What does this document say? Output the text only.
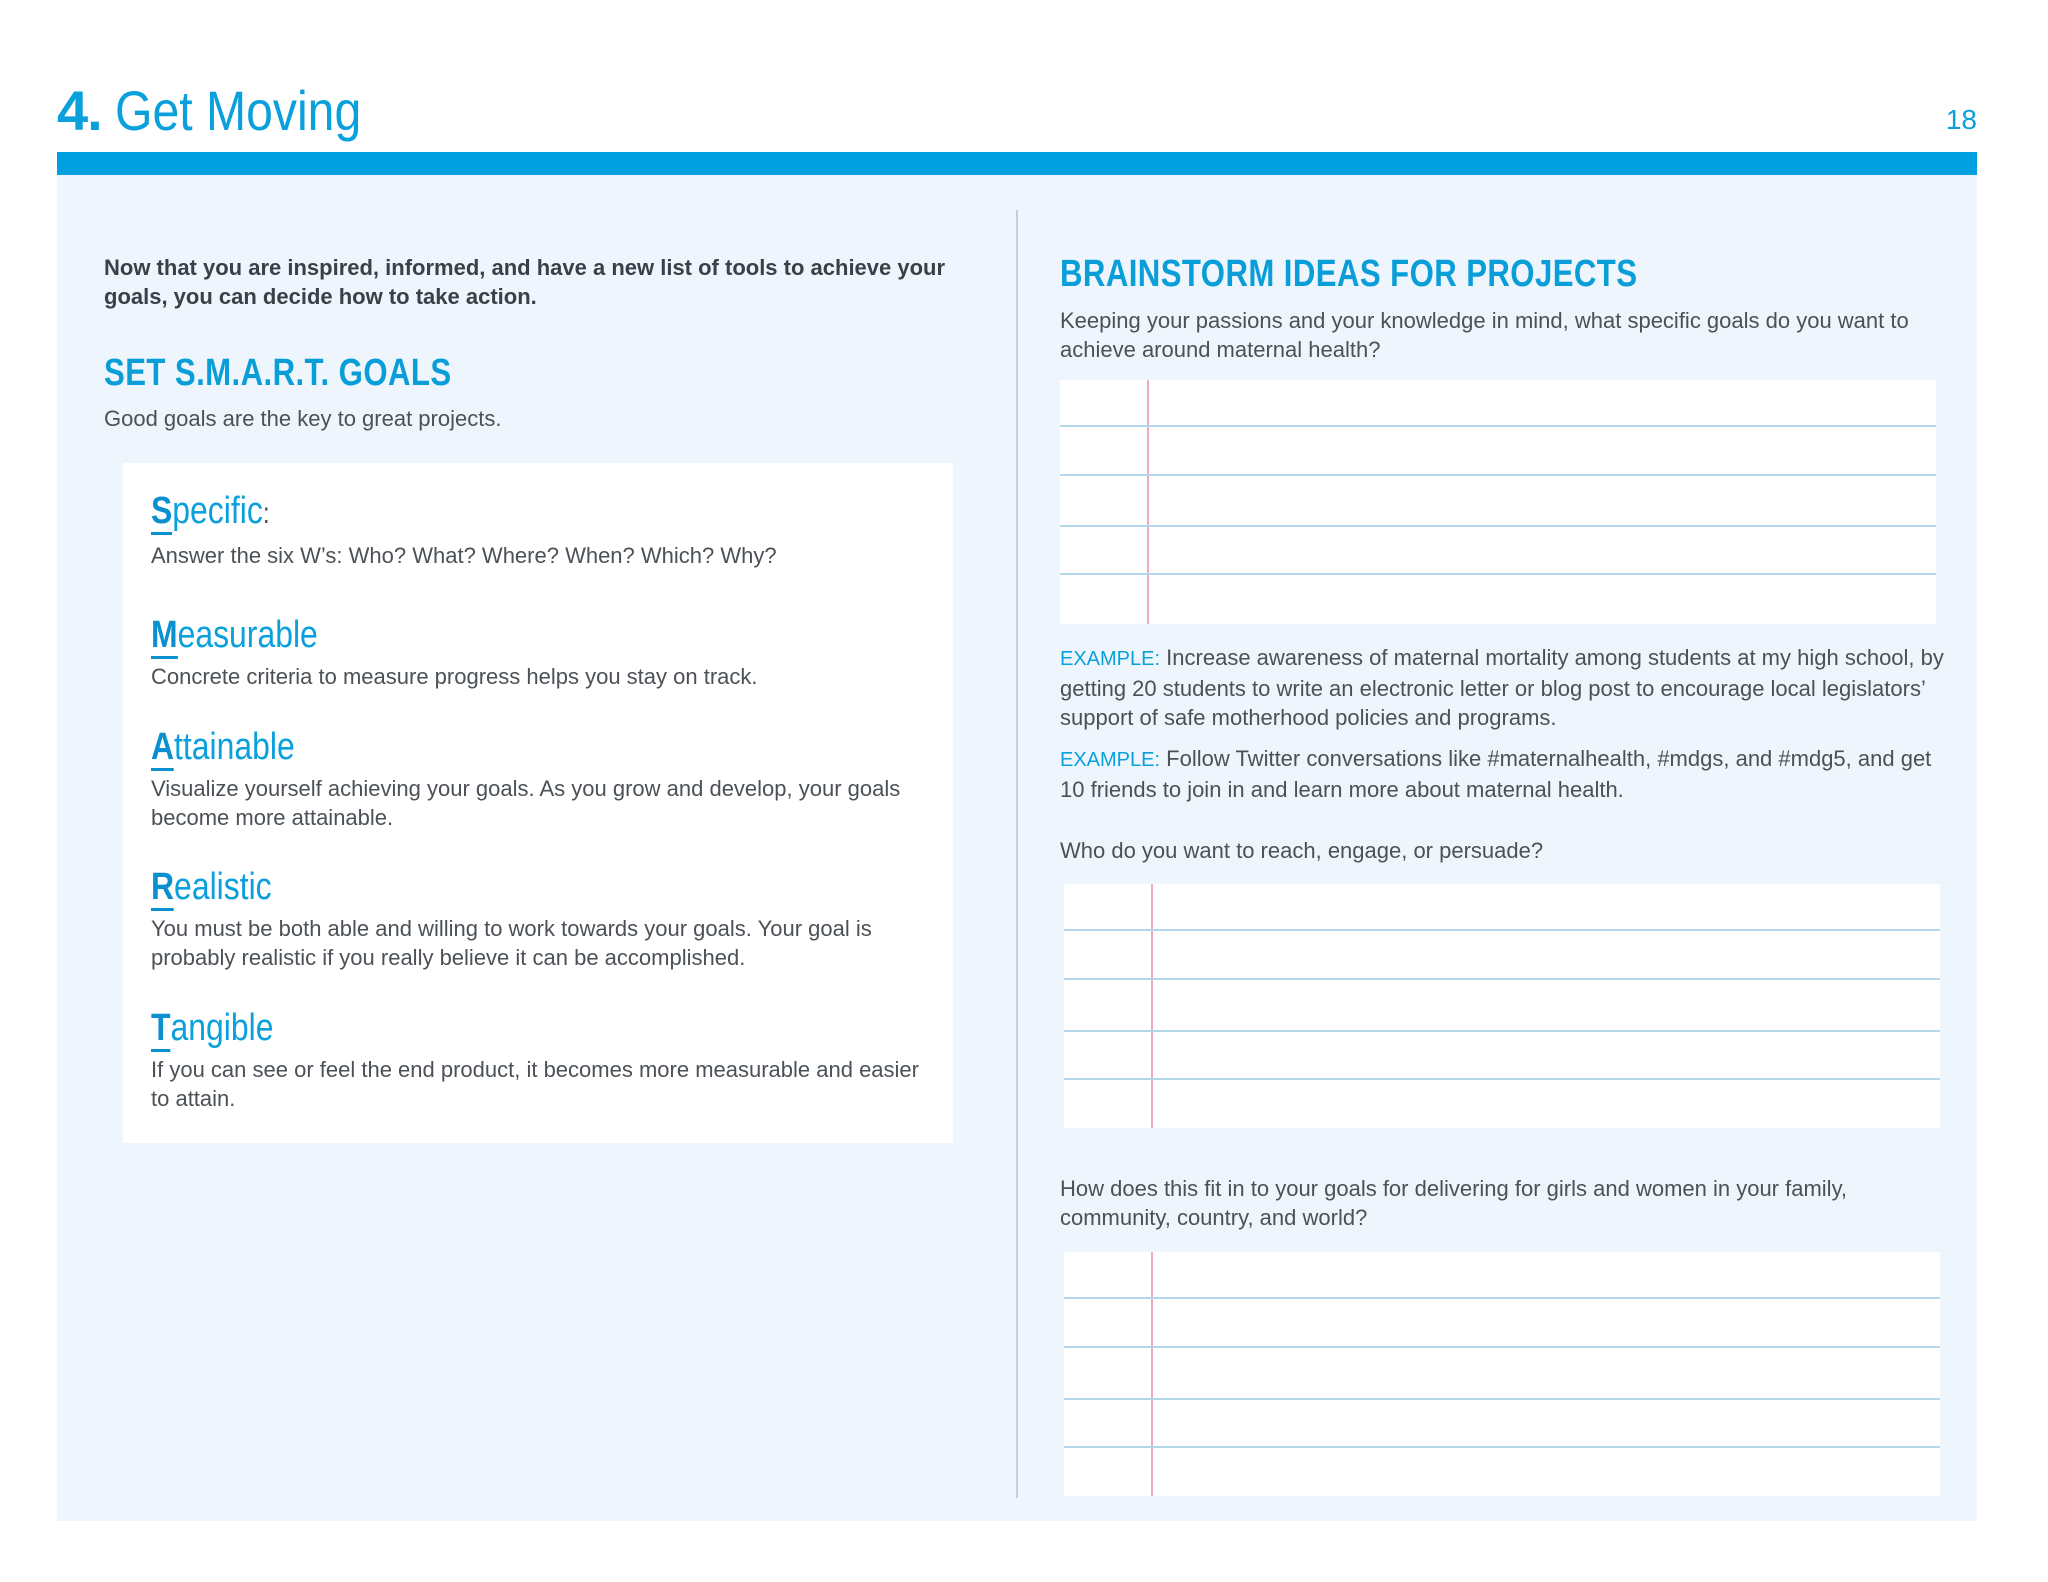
4. Get Moving	18
Now that you are inspired, informed, and have a new list of tools to achieve your goals, you can decide how to take action.
SET S.M.A.R.T. GOALS
Good goals are the key to great projects.
Specific:
Answer the six W’s: Who? What? Where? When? Which? Why?
Measurable
Concrete criteria to measure progress helps you stay on track.
Attainable
Visualize yourself achieving your goals. As you grow and develop, your goals become more attainable.
Realistic
You must be both able and willing to work towards your goals. Your goal is probably realistic if you really believe it can be accomplished.
Tangible
If you can see or feel the end product, it becomes more measurable and easier to attain.
BRAINSTORM IDEAS FOR PROJECTS
Keeping your passions and your knowledge in mind, what specific goals do you want to achieve around maternal health?
EXAMPLE: Increase awareness of maternal mortality among students at my high school, by getting 20 students to write an electronic letter or blog post to encourage local legislators’ support of safe motherhood policies and programs.
EXAMPLE: Follow Twitter conversations like #maternalhealth, #mdgs, and #mdg5, and get 10 friends to join in and learn more about maternal health.
Who do you want to reach, engage, or persuade?
How does this fit in to your goals for delivering for girls and women in your family, community, country, and world?
